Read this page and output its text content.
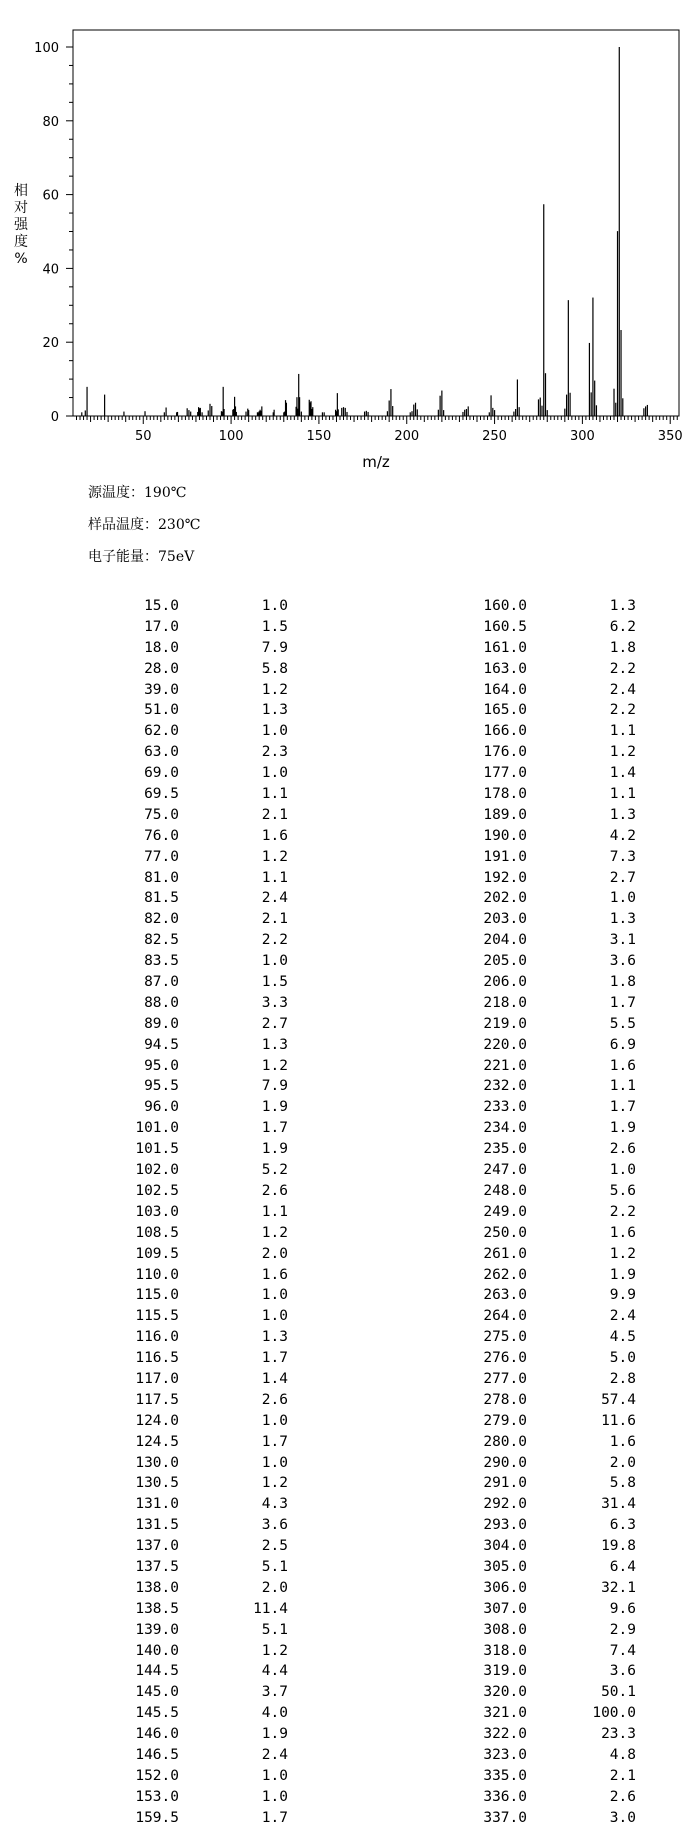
50	100	150	200	250	300	350
0
20
40
60
80
100
m/z
相
对
强
度
%
源温度：190℃
样品温度：230℃
电子能量：75eV
15.0	1.0
17.0	1.5
18.0	7.9
28.0	5.8
39.0	1.2
51.0	1.3
62.0	1.0
63.0	2.3
69.0	1.0
69.5	1.1
75.0	2.1
76.0	1.6
77.0	1.2
81.0	1.1
81.5	2.4
82.0	2.1
82.5	2.2
83.5	1.0
87.0	1.5
88.0	3.3
89.0	2.7
94.5	1.3
95.0	1.2
95.5	7.9
96.0	1.9
101.0	1.7
101.5	1.9
102.0	5.2
102.5	2.6
103.0	1.1
108.5	1.2
109.5	2.0
110.0	1.6
115.0	1.0
115.5	1.0
116.0	1.3
116.5	1.7
117.0	1.4
117.5	2.6
124.0	1.0
124.5	1.7
130.0	1.0
130.5	1.2
131.0	4.3
131.5	3.6
137.0	2.5
137.5	5.1
138.0	2.0
138.5	11.4
139.0	5.1
140.0	1.2
144.5	4.4
145.0	3.7
145.5	4.0
146.0	1.9
146.5	2.4
152.0	1.0
153.0	1.0
159.5	1.7
160.0	1.3
160.5	6.2
161.0	1.8
163.0	2.2
164.0	2.4
165.0	2.2
166.0	1.1
176.0	1.2
177.0	1.4
178.0	1.1
189.0	1.3
190.0	4.2
191.0	7.3
192.0	2.7
202.0	1.0
203.0	1.3
204.0	3.1
205.0	3.6
206.0	1.8
218.0	1.7
219.0	5.5
220.0	6.9
221.0	1.6
232.0	1.1
233.0	1.7
234.0	1.9
235.0	2.6
247.0	1.0
248.0	5.6
249.0	2.2
250.0	1.6
261.0	1.2
262.0	1.9
263.0	9.9
264.0	2.4
275.0	4.5
276.0	5.0
277.0	2.8
278.0	57.4
279.0	11.6
280.0	1.6
290.0	2.0
291.0	5.8
292.0	31.4
293.0	6.3
304.0	19.8
305.0	6.4
306.0	32.1
307.0	9.6
308.0	2.9
318.0	7.4
319.0	3.6
320.0	50.1
321.0	100.0
322.0	23.3
323.0	4.8
335.0	2.1
336.0	2.6
337.0	3.0
